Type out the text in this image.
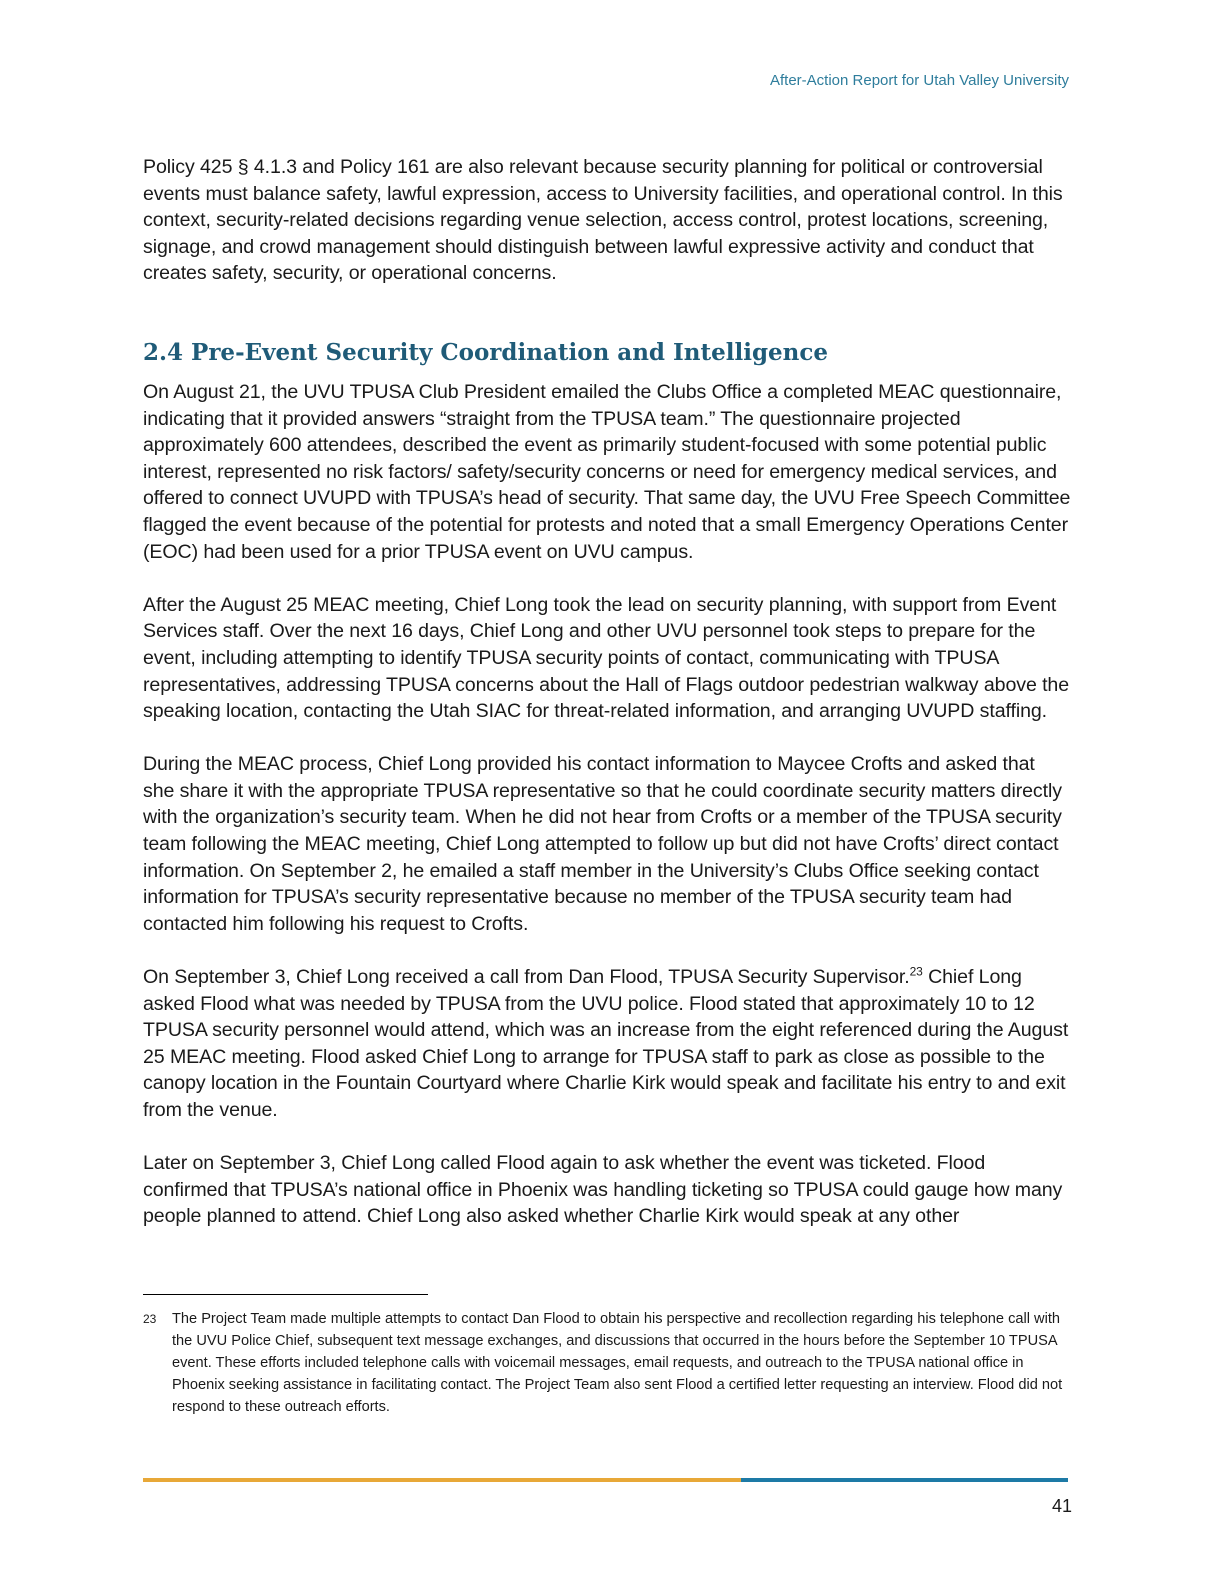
After-Action Report for Utah Valley University

Policy 425 § 4.1.3 and Policy 161 are also relevant because security planning for political or controversial events must balance safety, lawful expression, access to University facilities, and operational control. In this context, security-related decisions regarding venue selection, access control, protest locations, screening, signage, and crowd management should distinguish between lawful expressive activity and conduct that creates safety, security, or operational concerns.

2.4 Pre-Event Security Coordination and Intelligence

On August 21, the UVU TPUSA Club President emailed the Clubs Office a completed MEAC questionnaire, indicating that it provided answers “straight from the TPUSA team.” The questionnaire projected approximately 600 attendees, described the event as primarily student-focused with some potential public interest, represented no risk factors/ safety/security concerns or need for emergency medical services, and offered to connect UVUPD with TPUSA’s head of security. That same day, the UVU Free Speech Committee flagged the event because of the potential for protests and noted that a small Emergency Operations Center (EOC) had been used for a prior TPUSA event on UVU campus.

After the August 25 MEAC meeting, Chief Long took the lead on security planning, with support from Event Services staff. Over the next 16 days, Chief Long and other UVU personnel took steps to prepare for the event, including attempting to identify TPUSA security points of contact, communicating with TPUSA representatives, addressing TPUSA concerns about the Hall of Flags outdoor pedestrian walkway above the speaking location, contacting the Utah SIAC for threat-related information, and arranging UVUPD staffing.

During the MEAC process, Chief Long provided his contact information to Maycee Crofts and asked that she share it with the appropriate TPUSA representative so that he could coordinate security matters directly with the organization’s security team. When he did not hear from Crofts or a member of the TPUSA security team following the MEAC meeting, Chief Long attempted to follow up but did not have Crofts’ direct contact information. On September 2, he emailed a staff member in the University’s Clubs Office seeking contact information for TPUSA’s security representative because no member of the TPUSA security team had contacted him following his request to Crofts.

On September 3, Chief Long received a call from Dan Flood, TPUSA Security Supervisor.$^{23}$ Chief Long asked Flood what was needed by TPUSA from the UVU police. Flood stated that approximately 10 to 12 TPUSA security personnel would attend, which was an increase from the eight referenced during the August 25 MEAC meeting. Flood asked Chief Long to arrange for TPUSA staff to park as close as possible to the canopy location in the Fountain Courtyard where Charlie Kirk would speak and facilitate his entry to and exit from the venue.

Later on September 3, Chief Long called Flood again to ask whether the event was ticketed. Flood confirmed that TPUSA’s national office in Phoenix was handling ticketing so TPUSA could gauge how many people planned to attend. Chief Long also asked whether Charlie Kirk would speak at any other

23 The Project Team made multiple attempts to contact Dan Flood to obtain his perspective and recollection regarding his telephone call with the UVU Police Chief, subsequent text message exchanges, and discussions that occurred in the hours before the September 10 TPUSA event. These efforts included telephone calls with voicemail messages, email requests, and outreach to the TPUSA national office in Phoenix seeking assistance in facilitating contact. The Project Team also sent Flood a certified letter requesting an interview. Flood did not respond to these outreach efforts.
41
